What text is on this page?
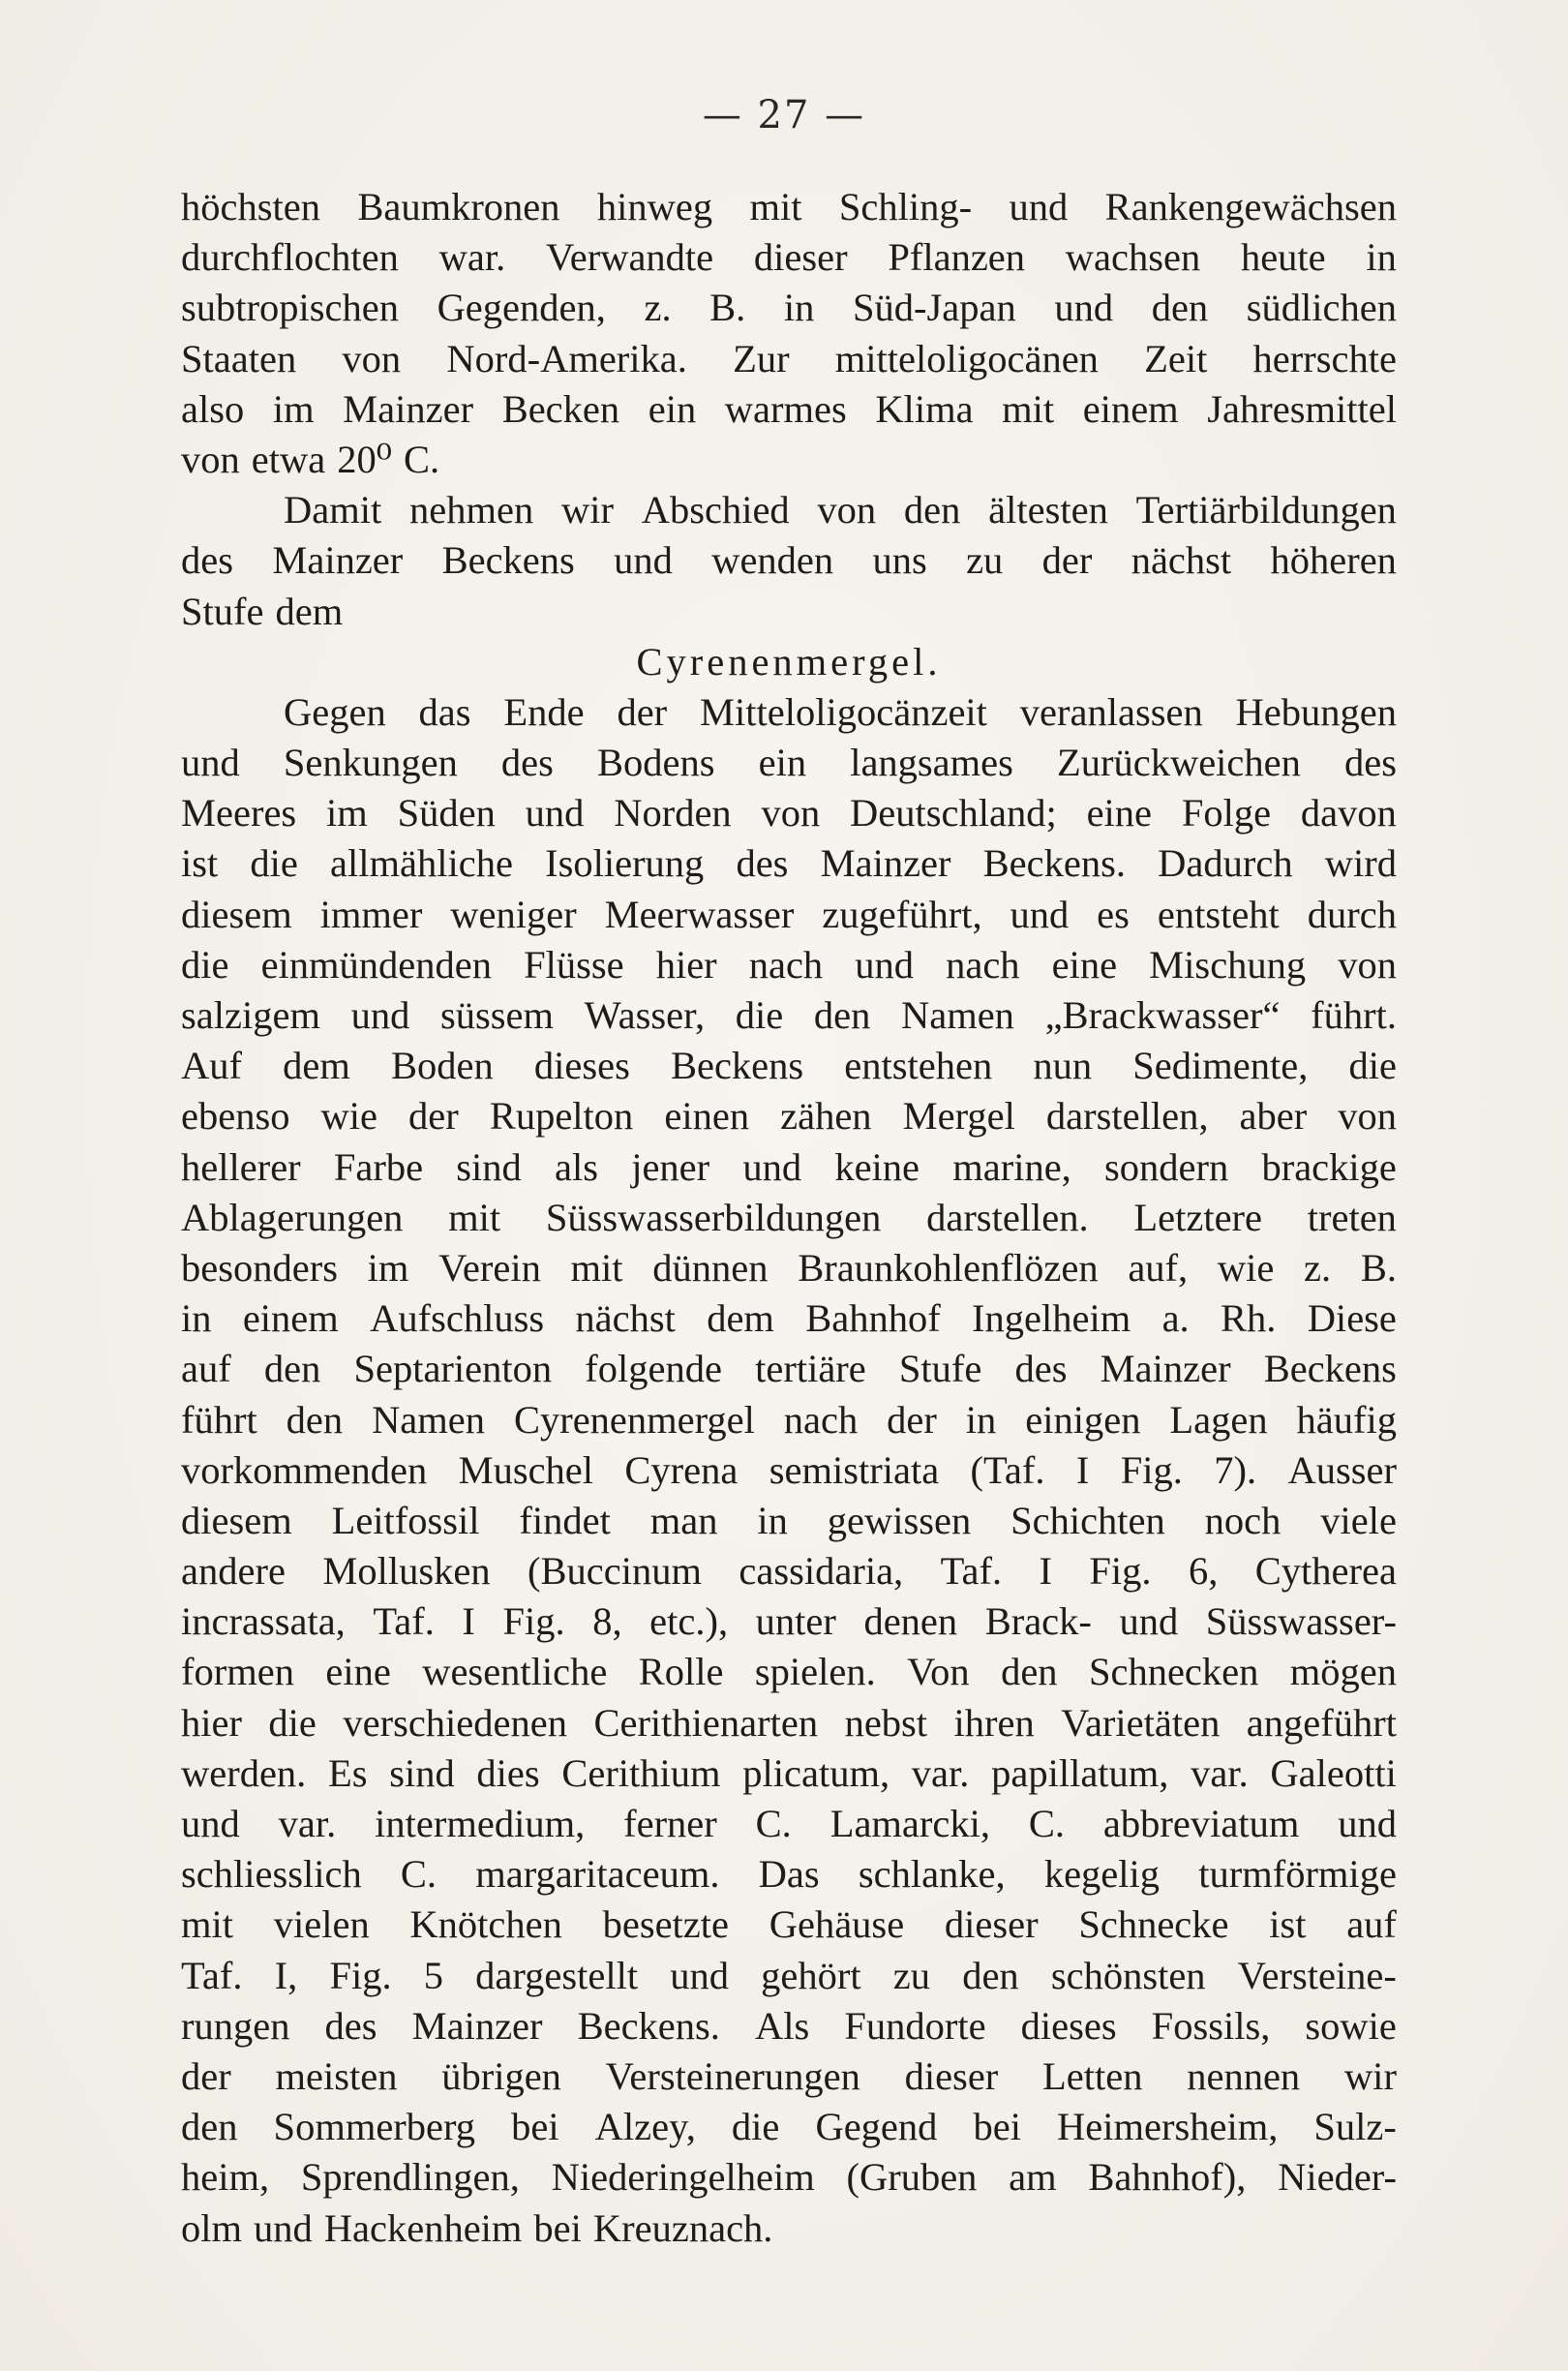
— 27 —
höchsten Baumkronen hinweg mit Schling- und Rankengewächsen
durchflochten war. Verwandte dieser Pflanzen wachsen heute in
subtropischen Gegenden, z. B. in Süd-Japan und den südlichen
Staaten von Nord-Amerika. Zur mitteloligocänen Zeit herrschte
also im Mainzer Becken ein warmes Klima mit einem Jahresmittel
von etwa 20⁰ C.
Damit nehmen wir Abschied von den ältesten Tertiärbildungen
des Mainzer Beckens und wenden uns zu der nächst höheren
Stufe dem
Cyrenenmergel.
Gegen das Ende der Mitteloligocänzeit veranlassen Hebungen
und Senkungen des Bodens ein langsames Zurückweichen des
Meeres im Süden und Norden von Deutschland; eine Folge davon
ist die allmähliche Isolierung des Mainzer Beckens. Dadurch wird
diesem immer weniger Meerwasser zugeführt, und es entsteht durch
die einmündenden Flüsse hier nach und nach eine Mischung von
salzigem und süssem Wasser, die den Namen „Brackwasser“ führt.
Auf dem Boden dieses Beckens entstehen nun Sedimente, die
ebenso wie der Rupelton einen zähen Mergel darstellen, aber von
hellerer Farbe sind als jener und keine marine, sondern brackige
Ablagerungen mit Süsswasserbildungen darstellen. Letztere treten
besonders im Verein mit dünnen Braunkohlenflözen auf, wie z. B.
in einem Aufschluss nächst dem Bahnhof Ingelheim a. Rh. Diese
auf den Septarienton folgende tertiäre Stufe des Mainzer Beckens
führt den Namen Cyrenenmergel nach der in einigen Lagen häufig
vorkommenden Muschel Cyrena semistriata (Taf. I Fig. 7). Ausser
diesem Leitfossil findet man in gewissen Schichten noch viele
andere Mollusken (Buccinum cassidaria, Taf. I Fig. 6, Cytherea
incrassata, Taf. I Fig. 8, etc.), unter denen Brack- und Süsswasser-
formen eine wesentliche Rolle spielen. Von den Schnecken mögen
hier die verschiedenen Cerithienarten nebst ihren Varietäten angeführt
werden. Es sind dies Cerithium plicatum, var. papillatum, var. Galeotti
und var. intermedium, ferner C. Lamarcki, C. abbreviatum und
schliesslich C. margaritaceum. Das schlanke, kegelig turmförmige
mit vielen Knötchen besetzte Gehäuse dieser Schnecke ist auf
Taf. I, Fig. 5 dargestellt und gehört zu den schönsten Versteine-
rungen des Mainzer Beckens. Als Fundorte dieses Fossils, sowie
der meisten übrigen Versteinerungen dieser Letten nennen wir
den Sommerberg bei Alzey, die Gegend bei Heimersheim, Sulz-
heim, Sprendlingen, Niederingelheim (Gruben am Bahnhof), Nieder-
olm und Hackenheim bei Kreuznach.
